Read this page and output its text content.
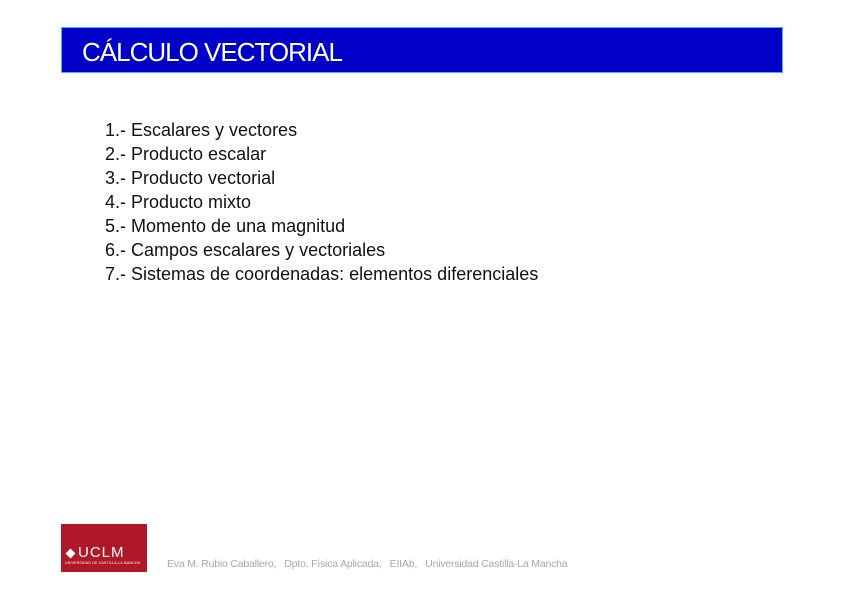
CÁLCULO VECTORIAL
1.- Escalares y vectores
2.- Producto escalar
3.- Producto vectorial
4.- Producto mixto
5.- Momento de una magnitud
6.- Campos escalares y vectoriales
7.- Sistemas de coordenadas: elementos diferenciales
UCLM
UNIVERSIDAD DE CASTILLA-LA MANCHA	Eva M. Rubio Caballero,   Dpto. Física Aplicada,   EIIAb,   Universidad Castilla-La Mancha
